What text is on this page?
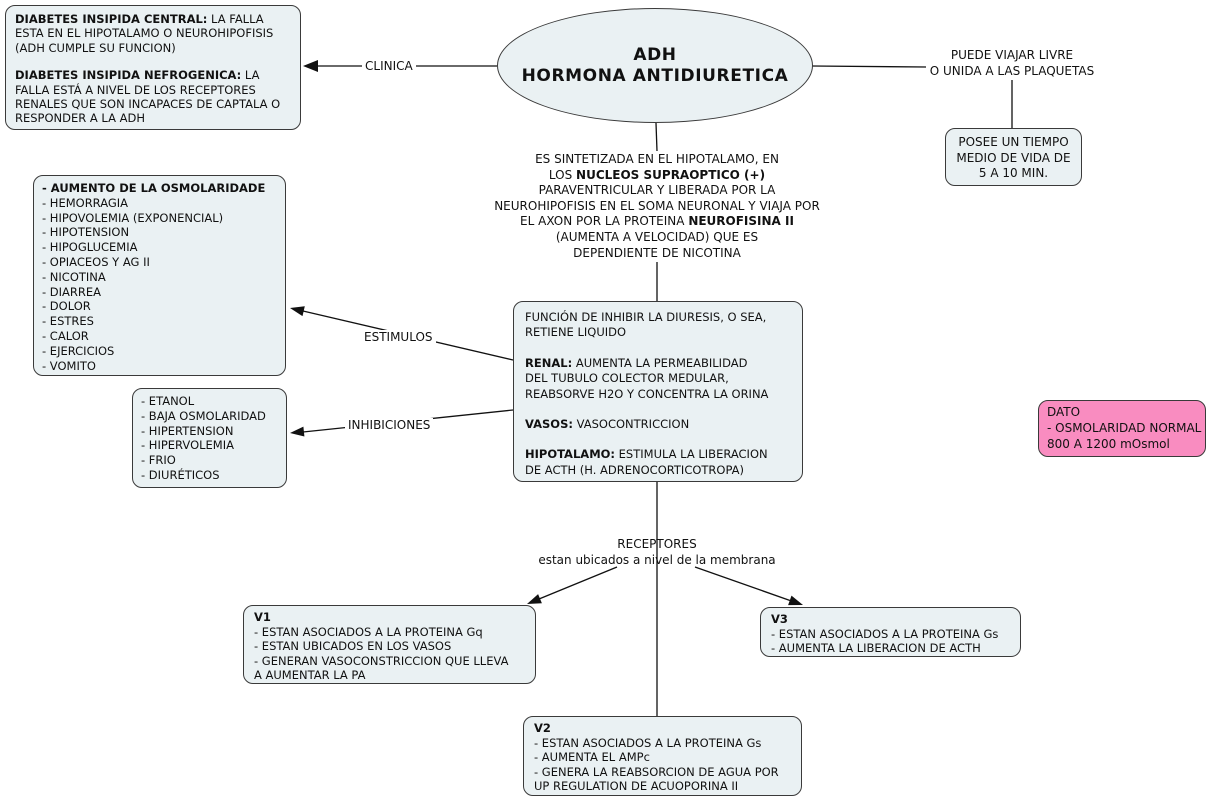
ADH
HORMONA ANTIDIURETICA
DIABETES INSIPIDA CENTRAL: LA FALLA
ESTA EN EL HIPOTALAMO O NEUROHIPOFISIS
(ADH CUMPLE SU FUNCION)
DIABETES INSIPIDA NEFROGENICA: LA
FALLA ESTÁ A NIVEL DE LOS RECEPTORES
RENALES QUE SON INCAPACES DE CAPTALA O
RESPONDER A LA ADH
CLINICA
ESTIMULOS
INHIBICIONES
PUEDE VIAJAR LIVRE
O UNIDA A LAS PLAQUETAS
POSEE UN TIEMPO
MEDIO DE VIDA DE
5 A 10 MIN.
ES SINTETIZADA EN EL HIPOTALAMO, EN
LOS NUCLEOS SUPRAOPTICO (+)
PARAVENTRICULAR Y LIBERADA POR LA
NEUROHIPOFISIS EN EL SOMA NEURONAL Y VIAJA POR
EL AXON POR LA PROTEINA NEUROFISINA II
(AUMENTA A VELOCIDAD) QUE ES
DEPENDIENTE DE NICOTINA
FUNCIÓN DE INHIBIR LA DIURESIS, O SEA,
RETIENE LIQUIDO
RENAL: AUMENTA LA PERMEABILIDAD
DEL TUBULO COLECTOR MEDULAR,
REABSORVE H2O Y CONCENTRA LA ORINA
VASOS: VASOCONTRICCION
HIPOTALAMO: ESTIMULA LA LIBERACION
DE ACTH (H. ADRENOCORTICOTROPA)
- AUMENTO DE LA OSMOLARIDADE
- HEMORRAGIA
- HIPOVOLEMIA (EXPONENCIAL)
- HIPOTENSION
- HIPOGLUCEMIA
- OPIACEOS Y AG II
- NICOTINA
- DIARREA
- DOLOR
- ESTRES
- CALOR
- EJERCICIOS
- VOMITO
- ETANOL
- BAJA OSMOLARIDAD
- HIPERTENSION
- HIPERVOLEMIA
- FRIO
- DIURÉTICOS
DATO
- OSMOLARIDAD NORMAL
800 A 1200 mOsmol
RECEPTORES
estan ubicados a nivel de la membrana
V1
- ESTAN ASOCIADOS A LA PROTEINA Gq
- ESTAN UBICADOS EN LOS VASOS
- GENERAN VASOCONSTRICCION QUE LLEVA
A AUMENTAR LA PA
V3
- ESTAN ASOCIADOS A LA PROTEINA Gs
- AUMENTA LA LIBERACION DE ACTH
V2
- ESTAN ASOCIADOS A LA PROTEINA Gs
- AUMENTA EL AMPc
- GENERA LA REABSORCION DE AGUA POR
UP REGULATION DE ACUOPORINA II
